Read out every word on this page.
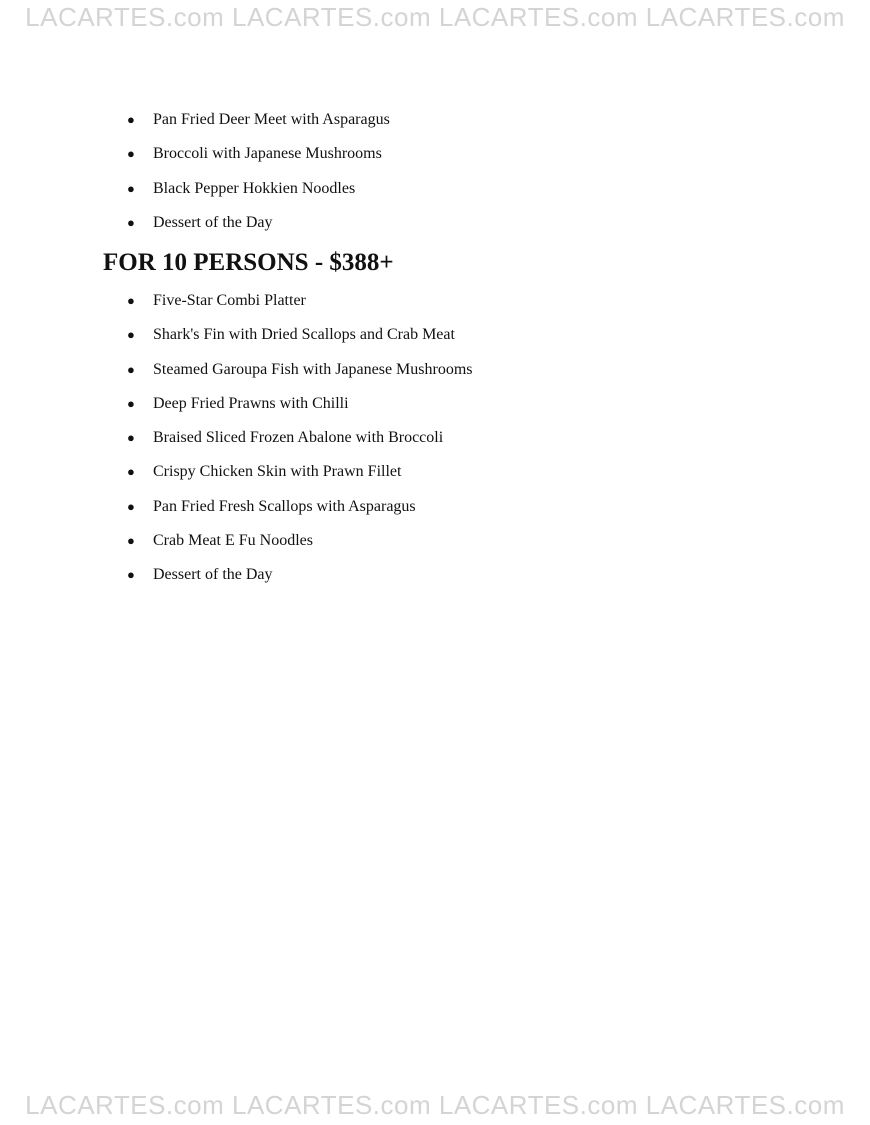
LACARTES.com LACARTES.com LACARTES.com LACARTES.com
● Pan Fried Deer Meet with Asparagus
● Broccoli with Japanese Mushrooms
● Black Pepper Hokkien Noodles
● Dessert of the Day
FOR 10 PERSONS - $388+
● Five-Star Combi Platter
● Shark's Fin with Dried Scallops and Crab Meat
● Steamed Garoupa Fish with Japanese Mushrooms
● Deep Fried Prawns with Chilli
● Braised Sliced Frozen Abalone with Broccoli
● Crispy Chicken Skin with Prawn Fillet
● Pan Fried Fresh Scallops with Asparagus
● Crab Meat E Fu Noodles
● Dessert of the Day
LACARTES.com LACARTES.com LACARTES.com LACARTES.com
